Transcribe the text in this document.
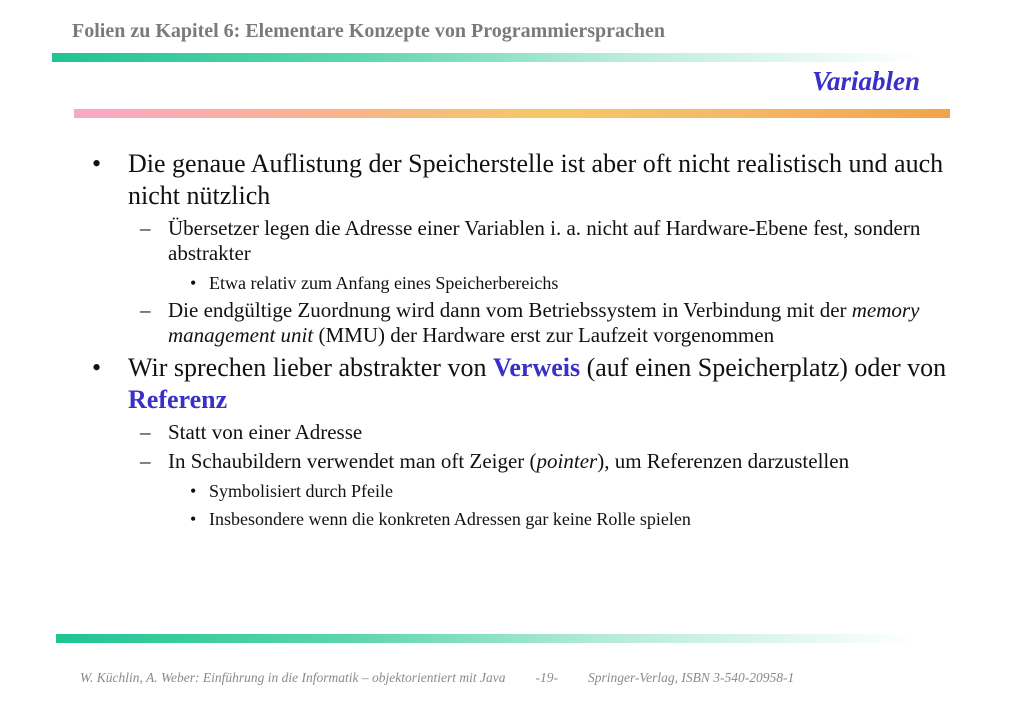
Folien zu Kapitel 6: Elementare Konzepte von Programmiersprachen
Variablen
• Die genaue Auflistung der Speicherstelle ist aber oft nicht realistisch und auch nicht nützlich
– Übersetzer legen die Adresse einer Variablen i. a. nicht auf Hardware-Ebene fest, sondern abstrakter
• Etwa relativ zum Anfang eines Speicherbereichs
– Die endgültige Zuordnung wird dann vom Betriebssystem in Verbindung mit der memory management unit (MMU) der Hardware erst zur Laufzeit vorgenommen
• Wir sprechen lieber abstrakter von Verweis (auf einen Speicherplatz) oder von Referenz
– Statt von einer Adresse
– In Schaubildern verwendet man oft Zeiger (pointer), um Referenzen darzustellen
• Symbolisiert durch Pfeile
• Insbesondere wenn die konkreten Adressen gar keine Rolle spielen
W. Küchlin, A. Weber: Einführung in die Informatik – objektorientiert mit Java -19- Springer-Verlag, ISBN 3-540-20958-1
